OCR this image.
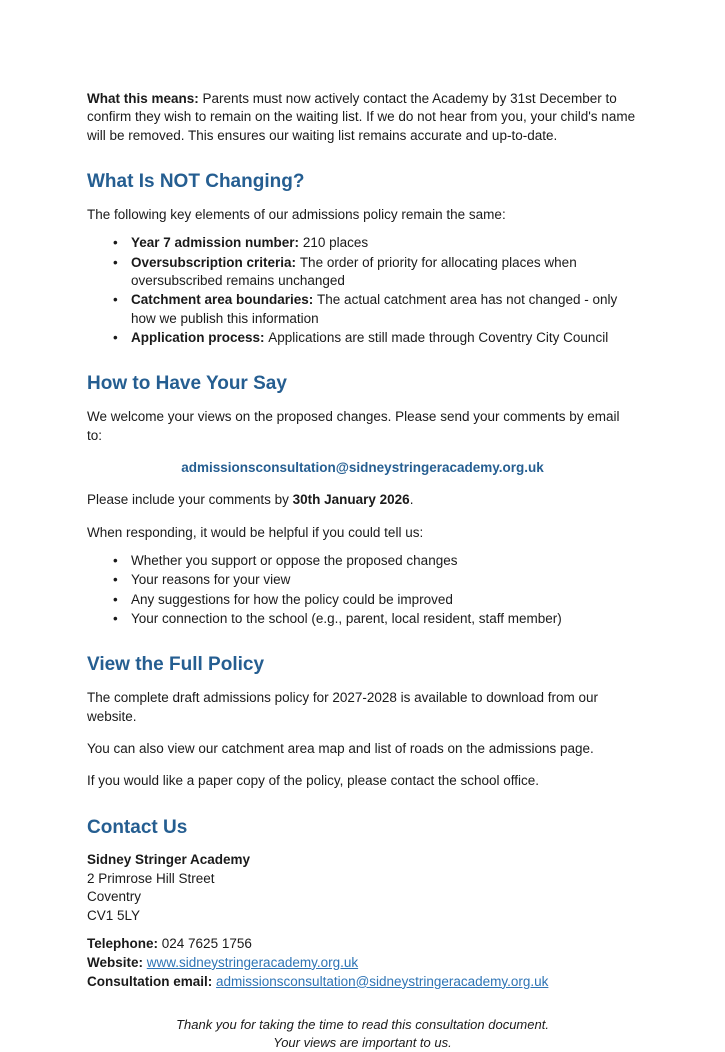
What this means: Parents must now actively contact the Academy by 31st December to confirm they wish to remain on the waiting list. If we do not hear from you, your child's name will be removed. This ensures our waiting list remains accurate and up-to-date.

What Is NOT Changing?

The following key elements of our admissions policy remain the same:

• Year 7 admission number: 210 places
• Oversubscription criteria: The order of priority for allocating places when oversubscribed remains unchanged
• Catchment area boundaries: The actual catchment area has not changed - only how we publish this information
• Application process: Applications are still made through Coventry City Council
How to Have Your Say

We welcome your views on the proposed changes. Please send your comments by email to:

admissionsconsultation@sidneystringeracademy.org.uk

Please include your comments by 30th January 2026.

When responding, it would be helpful if you could tell us:

• Whether you support or oppose the proposed changes
• Your reasons for your view
• Any suggestions for how the policy could be improved
• Your connection to the school (e.g., parent, local resident, staff member)
View the Full Policy

The complete draft admissions policy for 2027-2028 is available to download from our website.

You can also view our catchment area map and list of roads on the admissions page.

If you would like a paper copy of the policy, please contact the school office.

Contact Us
Sidney Stringer Academy
2 Primrose Hill Street
Coventry
CV1 5LY
Telephone: 024 7625 1756
Website: www.sidneystringeracademy.org.uk
Consultation email: admissionsconsultation@sidneystringeracademy.org.uk
Thank you for taking the time to read this consultation document.
Your views are important to us.
